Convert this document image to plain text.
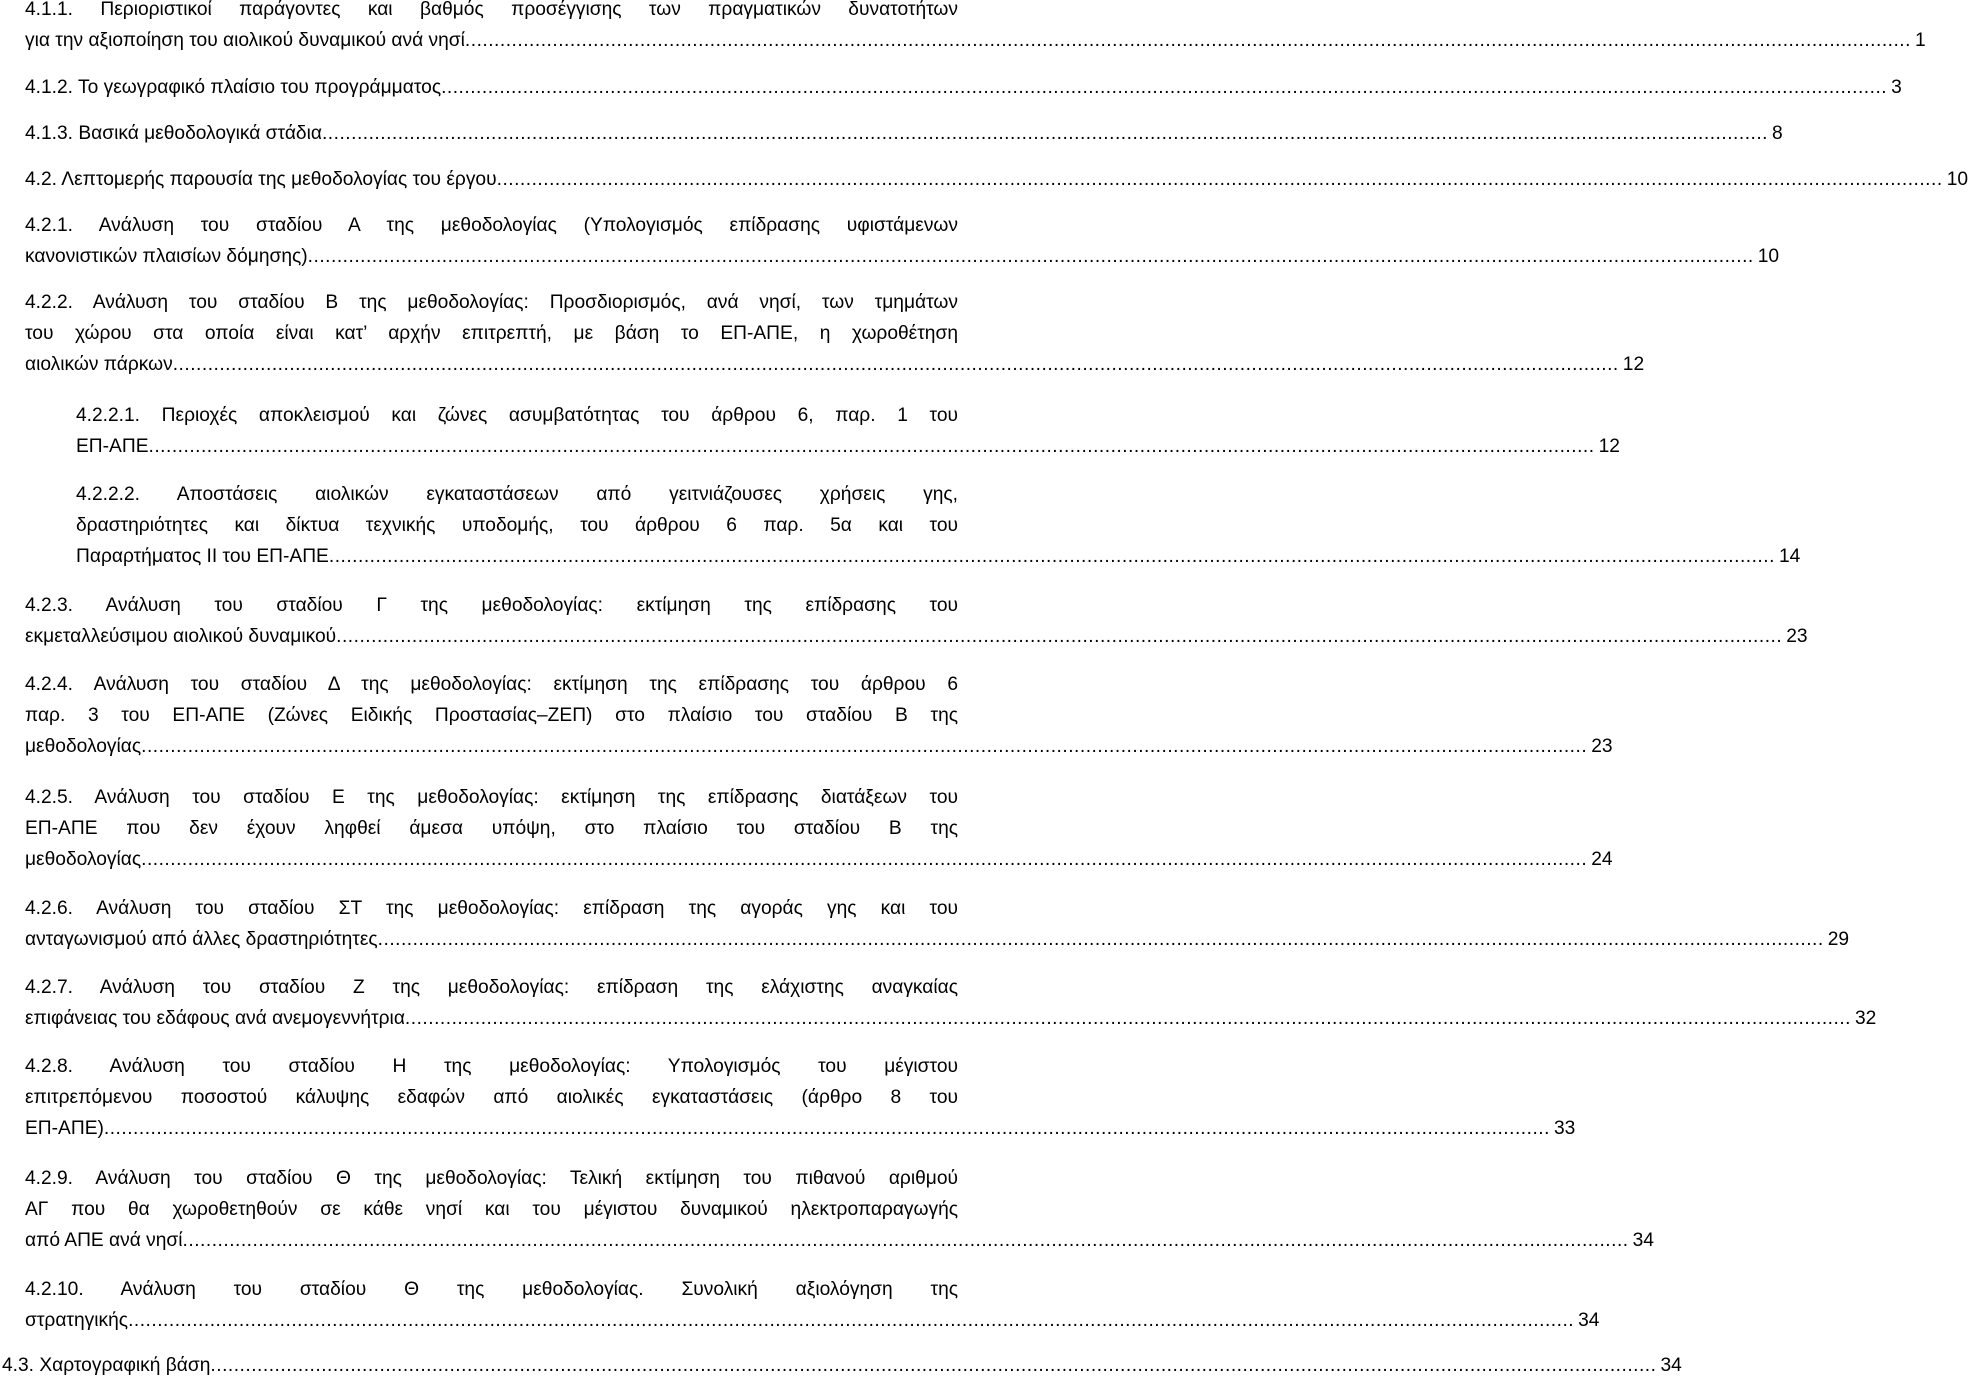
4.1.1. Περιοριστικοί παράγοντες και βαθμός προσέγγισης των πραγματικών δυνατοτήτων
για την αξιοποίηση του αιολικού δυναμικού ανά νησί ........................................................................................................................................................................................................................................................ 1
4.1.2. Το γεωγραφικό πλαίσιο του προγράμματος ........................................................................................................................................................................................................................................................ 3
4.1.3. Βασικά μεθοδολογικά στάδια ........................................................................................................................................................................................................................................................ 8
4.2. Λεπτομερής παρουσία της μεθοδολογίας του έργου ........................................................................................................................................................................................................................................................ 10
4.2.1. Ανάλυση του σταδίου Α της μεθοδολογίας (Υπολογισμός επίδρασης υφιστάμενων
κανονιστικών πλαισίων δόμησης) ........................................................................................................................................................................................................................................................ 10
4.2.2. Ανάλυση του σταδίου Β της μεθοδολογίας: Προσδιορισμός, ανά νησί, των τμημάτων
του χώρου στα οποία είναι κατ’ αρχήν επιτρεπτή, με βάση το ΕΠ-ΑΠΕ, η χωροθέτηση
αιολικών πάρκων ........................................................................................................................................................................................................................................................ 12
4.2.2.1. Περιοχές αποκλεισμού και ζώνες ασυμβατότητας του άρθρου 6, παρ. 1 του
ΕΠ-ΑΠΕ ........................................................................................................................................................................................................................................................ 12
4.2.2.2. Αποστάσεις αιολικών εγκαταστάσεων από γειτνιάζουσες χρήσεις γης,
δραστηριότητες και δίκτυα τεχνικής υποδομής, του άρθρου 6 παρ. 5α και του
Παραρτήματος ΙΙ του ΕΠ-ΑΠΕ ........................................................................................................................................................................................................................................................ 14
4.2.3. Ανάλυση του σταδίου Γ της μεθοδολογίας: εκτίμηση της επίδρασης του
εκμεταλλεύσιμου αιολικού δυναμικού ........................................................................................................................................................................................................................................................ 23
4.2.4. Ανάλυση του σταδίου Δ της μεθοδολογίας: εκτίμηση της επίδρασης του άρθρου 6
παρ. 3 του ΕΠ-ΑΠΕ (Ζώνες Ειδικής Προστασίας–ΖΕΠ) στο πλαίσιο του σταδίου Β της
μεθοδολογίας ........................................................................................................................................................................................................................................................ 23
4.2.5. Ανάλυση του σταδίου Ε της μεθοδολογίας: εκτίμηση της επίδρασης διατάξεων του
ΕΠ-ΑΠΕ που δεν έχουν ληφθεί άμεσα υπόψη, στο πλαίσιο του σταδίου Β της
μεθοδολογίας ........................................................................................................................................................................................................................................................ 24
4.2.6. Ανάλυση του σταδίου ΣΤ της μεθοδολογίας: επίδραση της αγοράς γης και του
ανταγωνισμού από άλλες δραστηριότητες ........................................................................................................................................................................................................................................................ 29
4.2.7. Ανάλυση του σταδίου Ζ της μεθοδολογίας: επίδραση της ελάχιστης αναγκαίας
επιφάνειας του εδάφους ανά ανεμογεννήτρια ........................................................................................................................................................................................................................................................ 32
4.2.8. Ανάλυση του σταδίου Η της μεθοδολογίας: Υπολογισμός του μέγιστου
επιτρεπόμενου ποσοστού κάλυψης εδαφών από αιολικές εγκαταστάσεις (άρθρο 8 του
ΕΠ-ΑΠΕ) ........................................................................................................................................................................................................................................................ 33
4.2.9. Ανάλυση του σταδίου Θ της μεθοδολογίας: Τελική εκτίμηση του πιθανού αριθμού
ΑΓ που θα χωροθετηθούν σε κάθε νησί και του μέγιστου δυναμικού ηλεκτροπαραγωγής
από ΑΠΕ ανά νησί ........................................................................................................................................................................................................................................................ 34
4.2.10. Ανάλυση του σταδίου Θ της μεθοδολογίας. Συνολική αξιολόγηση της
στρατηγικής ........................................................................................................................................................................................................................................................ 34
4.3. Χαρτογραφική βάση ........................................................................................................................................................................................................................................................ 34
